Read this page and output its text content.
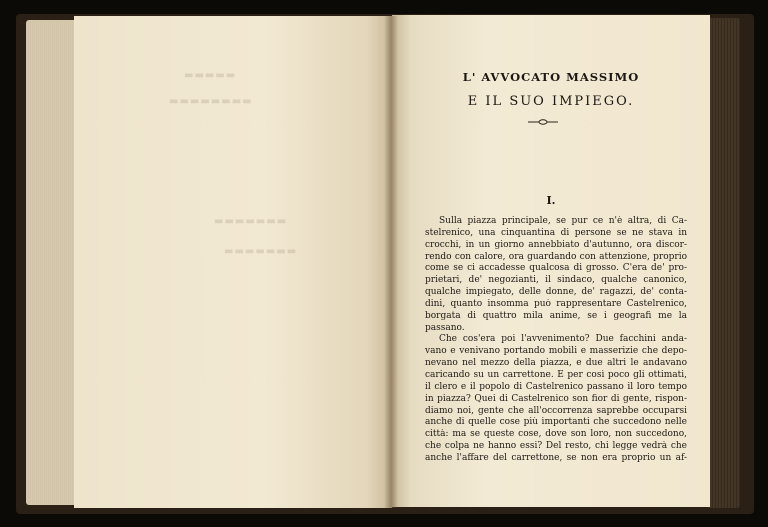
▬▬▬▬▬
▬▬▬▬▬▬▬▬
▬▬▬▬▬▬▬
▬▬▬▬▬▬▬
L' AVVOCATO MASSIMO
E IL SUO IMPIEGO.
I.
Sulla piazza principale, se pur ce n'è altra, di Ca-
stelrenico, una cinquantina di persone se ne stava in
crocchi, in un giorno annebbiato d'autunno, ora discor-
rendo con calore, ora guardando con attenzione, proprio
come se ci accadesse qualcosa di grosso. C'era de' pro-
prietari, de' negozianti, il sindaco, qualche canonico,
qualche impiegato, delle donne, de' ragazzi, de' conta-
dini, quanto insomma può rappresentare Castelrenico,
borgata di quattro mila anime, se i geografi me la
passano.
Che cos'era poi l'avvenimento? Due facchini anda-
vano e venivano portando mobili e masserizie che depo-
nevano nel mezzo della piazza, e due altri le andavano
caricando su un carrettone. E per così poco gli ottimati,
il clero e il popolo di Castelrenico passano il loro tempo
in piazza? Quei di Castelrenico son fior di gente, rispon-
diamo noi, gente che all'occorrenza saprebbe occuparsi
anche di quelle cose più importanti che succedono nelle
città: ma se queste cose, dove son loro, non succedono,
che colpa ne hanno essi? Del resto, chi legge vedrà che
anche l'affare del carrettone, se non era proprio un af-
